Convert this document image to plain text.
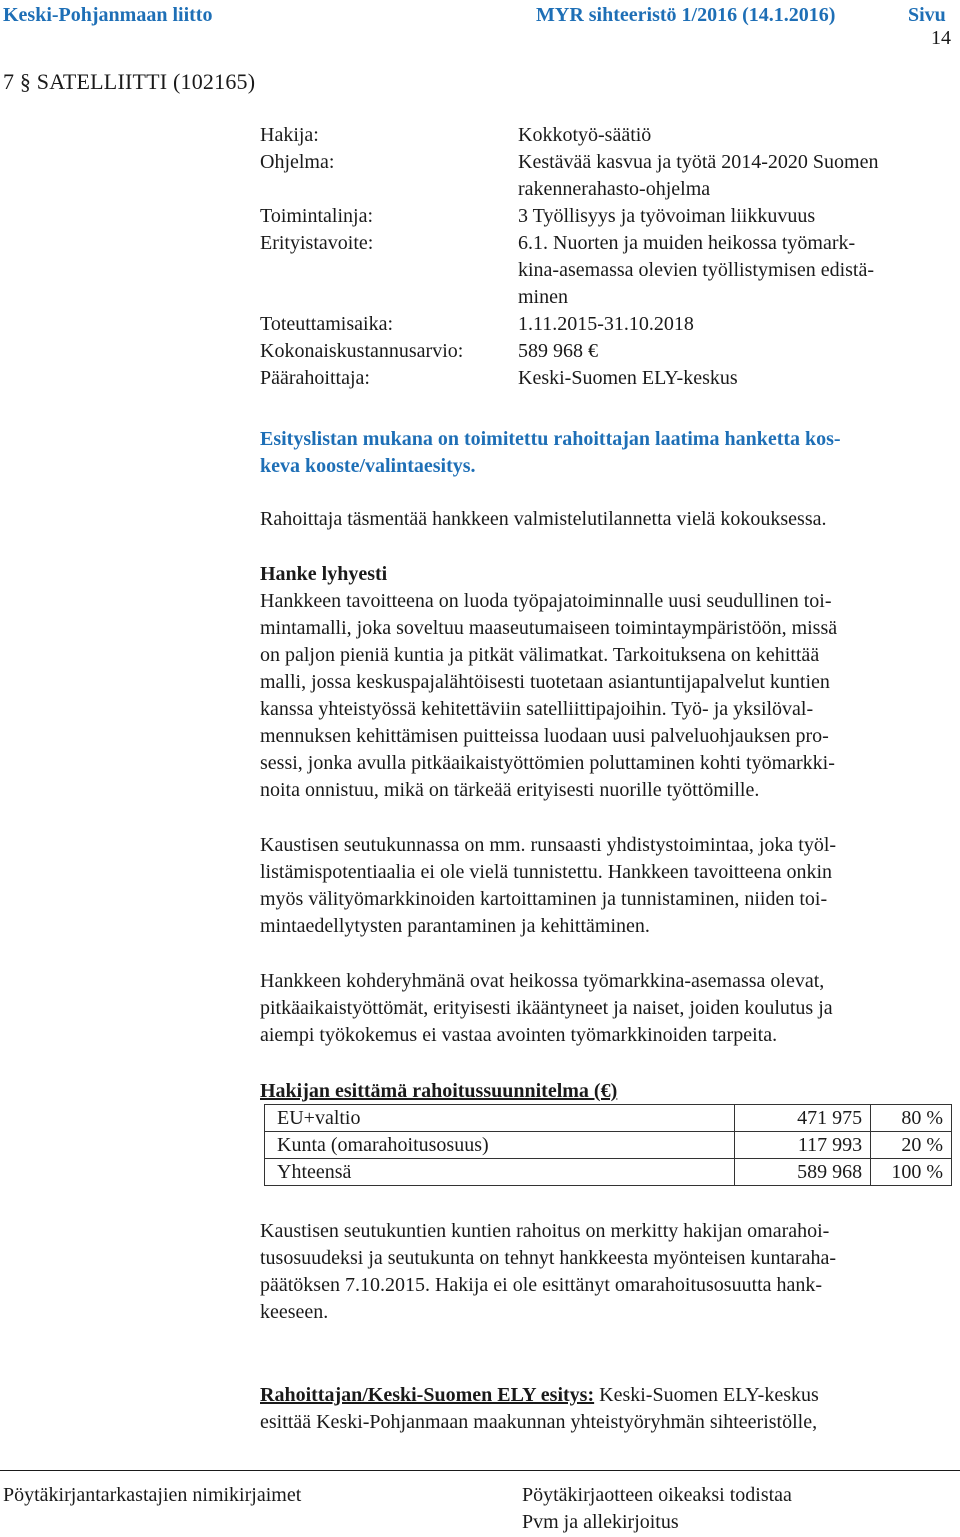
Keski-Pohjanmaan liitto	MYR sihteeristö 1/2016 (14.1.2016)	Sivu
14
7 § SATELLIITTI (102165)
Hakija:	Kokkotyö-säätiö
Ohjelma:	Kestävää kasvua ja työtä 2014-2020 Suomen
rakennerahasto-ohjelma
Toimintalinja:	3 Työllisyys ja työvoiman liikkuvuus
Erityistavoite:	6.1. Nuorten ja muiden heikossa työmark-
kina-asemassa olevien työllistymisen edistä-
minen
Toteuttamisaika:	1.11.2015-31.10.2018
Kokonaiskustannusarvio:	589 968 €
Päärahoittaja:	Keski-Suomen ELY-keskus
Esityslistan mukana on toimitettu rahoittajan laatima hanketta kos-
keva kooste/valintaesitys.
Rahoittaja täsmentää hankkeen valmistelutilannetta vielä kokouksessa.
Hanke lyhyesti
Hankkeen tavoitteena on luoda työpajatoiminnalle uusi seudullinen toi-
mintamalli, joka soveltuu maaseutumaiseen toimintaympäristöön, missä
on paljon pieniä kuntia ja pitkät välimatkat. Tarkoituksena on kehittää
malli, jossa keskuspajalähtöisesti tuotetaan asiantuntijapalvelut kuntien
kanssa yhteistyössä kehitettäviin satelliittipajoihin. Työ- ja yksilöval-
mennuksen kehittämisen puitteissa luodaan uusi palveluohjauksen pro-
sessi, jonka avulla pitkäaikaistyöttömien poluttaminen kohti työmarkki-
noita onnistuu, mikä on tärkeää erityisesti nuorille työttömille.
Kaustisen seutukunnassa on mm. runsaasti yhdistystoimintaa, joka työl-
listämispotentiaalia ei ole vielä tunnistettu. Hankkeen tavoitteena onkin
myös välityömarkkinoiden kartoittaminen ja tunnistaminen, niiden toi-
mintaedellytysten parantaminen ja kehittäminen.
Hankkeen kohderyhmänä ovat heikossa työmarkkina-asemassa olevat,
pitkäaikaistyöttömät, erityisesti ikääntyneet ja naiset, joiden koulutus ja
aiempi työkokemus ei vastaa avointen työmarkkinoiden tarpeita.
Hakijan esittämä rahoitussuunnitelma (€)
EU+valtio	471 975	80 %
Kunta (omarahoitusosuus)	117 993	20 %
Yhteensä	589 968	100 %
Kaustisen seutukuntien kuntien rahoitus on merkitty hakijan omarahoi-
tusosuudeksi ja seutukunta on tehnyt hankkeesta myönteisen kuntaraha-
päätöksen 7.10.2015. Hakija ei ole esittänyt omarahoitusosuutta hank-
keeseen.
Rahoittajan/Keski-Suomen ELY esitys: Keski-Suomen ELY-keskus
esittää Keski-Pohjanmaan maakunnan yhteistyöryhmän sihteeristölle,
Pöytäkirjantarkastajien nimikirjaimet	Pöytäkirjaotteen oikeaksi todistaa
Pvm ja allekirjoitus
